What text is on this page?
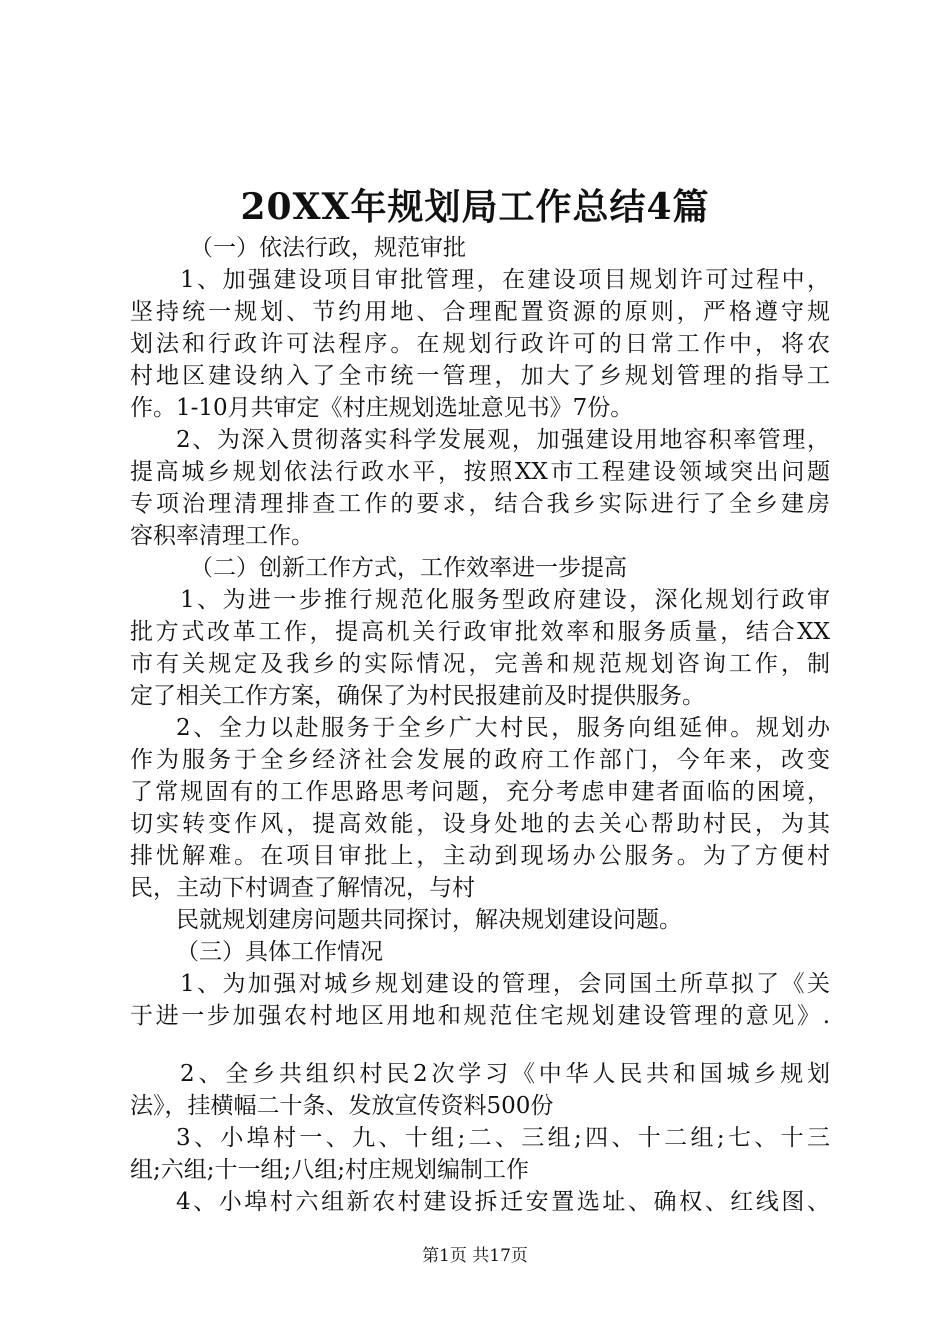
20XX年规划局工作总结4篇
（一）依法行政，规范审批
1、加强建设项目审批管理，在建设项目规划许可过程中，
坚持统一规划、节约用地、合理配置资源的原则，严格遵守规
划法和行政许可法程序。在规划行政许可的日常工作中，将农
村地区建设纳入了全市统一管理，加大了乡规划管理的指导工
作。1-10月共审定《村庄规划选址意见书》7份。
2、为深入贯彻落实科学发展观，加强建设用地容积率管理，
提高城乡规划依法行政水平，按照XX市工程建设领域突出问题
专项治理清理排查工作的要求，结合我乡实际进行了全乡建房
容积率清理工作。
（二）创新工作方式，工作效率进一步提高
1、为进一步推行规范化服务型政府建设，深化规划行政审
批方式改革工作，提高机关行政审批效率和服务质量，结合XX
市有关规定及我乡的实际情况，完善和规范规划咨询工作，制
定了相关工作方案，确保了为村民报建前及时提供服务。
2、全力以赴服务于全乡广大村民，服务向组延伸。规划办
作为服务于全乡经济社会发展的政府工作部门，今年来，改变
了常规固有的工作思路思考问题，充分考虑申建者面临的困境，
切实转变作风，提高效能，设身处地的去关心帮助村民，为其
排忧解难。在项目审批上，主动到现场办公服务。为了方便村
民，主动下村调查了解情况，与村
民就规划建房问题共同探讨，解决规划建设问题。
（三）具体工作情况
1、为加强对城乡规划建设的管理，会同国土所草拟了《关
于进一步加强农村地区用地和规范住宅规划建设管理的意见》.
2、全乡共组织村民2次学习《中华人民共和国城乡规划
法》，挂横幅二十条、发放宣传资料500份
3、小埠村一、九、十组;二、三组;四、十二组;七、十三
组;六组;十一组;八组;村庄规划编制工作
4、小埠村六组新农村建设拆迁安置选址、确权、红线图、
第1页 共17页
